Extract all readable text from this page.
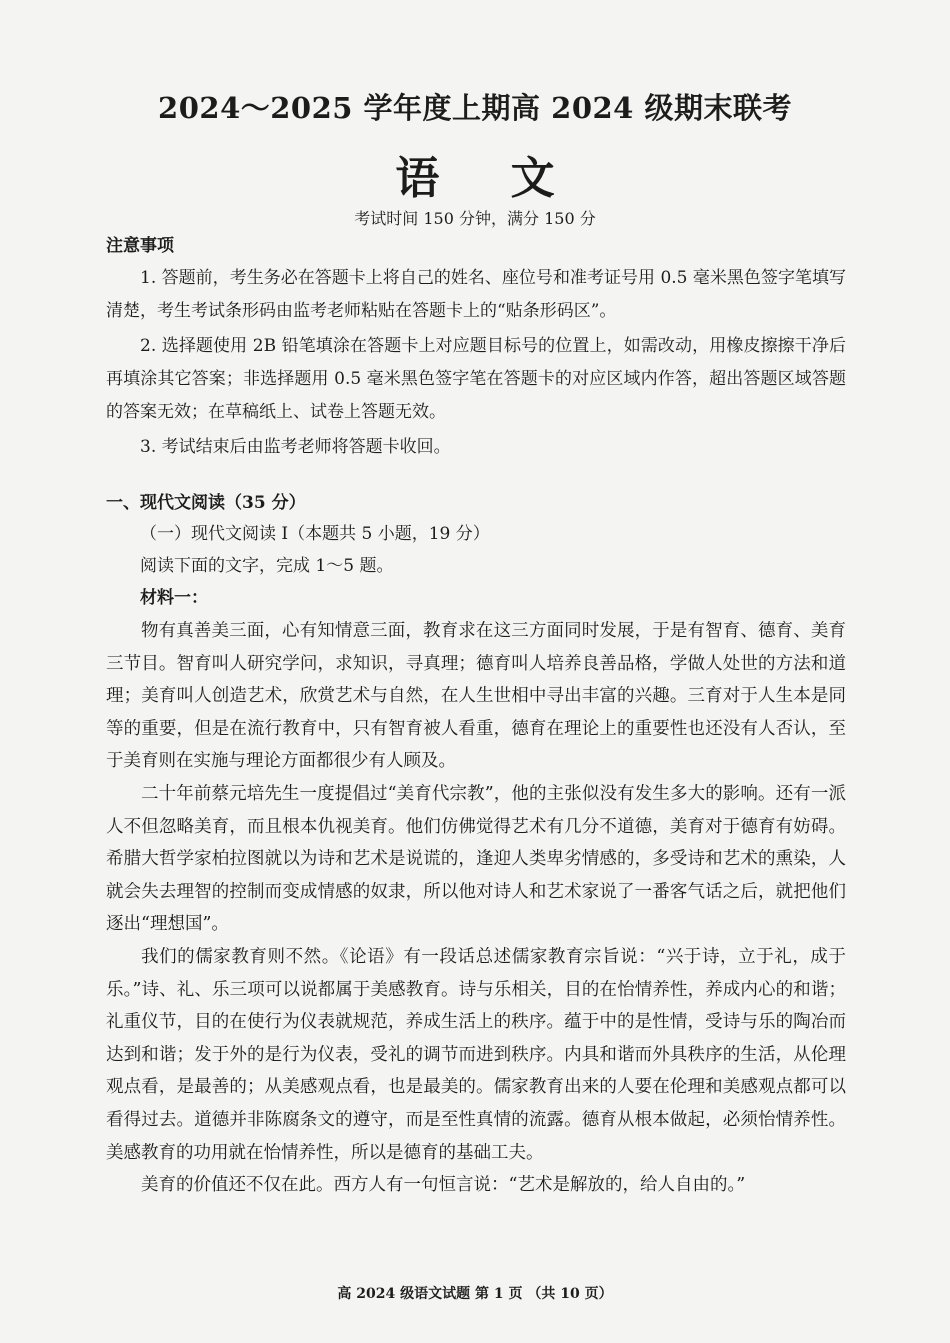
2024～2025 学年度上期高 2024 级期末联考
语 文
考试时间 150 分钟，满分 150 分
注意事项
1. 答题前，考生务必在答题卡上将自己的姓名、座位号和准考证号用 0.5 毫米黑色签字笔填写清楚，考生考试条形码由监考老师粘贴在答题卡上的“贴条形码区”。
2. 选择题使用 2B 铅笔填涂在答题卡上对应题目标号的位置上，如需改动，用橡皮擦擦干净后再填涂其它答案；非选择题用 0.5 毫米黑色签字笔在答题卡的对应区域内作答，超出答题区域答题的答案无效；在草稿纸上、试卷上答题无效。
3. 考试结束后由监考老师将答题卡收回。
一、现代文阅读（35 分）
（一）现代文阅读 I（本题共 5 小题，19 分）
阅读下面的文字，完成 1～5 题。
材料一：

物有真善美三面，心有知情意三面，教育求在这三方面同时发展，于是有智育、德育、美育三节目。智育叫人研究学问，求知识，寻真理；德育叫人培养良善品格，学做人处世的方法和道理；美育叫人创造艺术，欣赏艺术与自然，在人生世相中寻出丰富的兴趣。三育对于人生本是同等的重要，但是在流行教育中，只有智育被人看重，德育在理论上的重要性也还没有人否认，至于美育则在实施与理论方面都很少有人顾及。

二十年前蔡元培先生一度提倡过“美育代宗教”，他的主张似没有发生多大的影响。还有一派人不但忽略美育，而且根本仇视美育。他们仿佛觉得艺术有几分不道德，美育对于德育有妨碍。希腊大哲学家柏拉图就以为诗和艺术是说谎的，逢迎人类卑劣情感的，多受诗和艺术的熏染，人就会失去理智的控制而变成情感的奴隶，所以他对诗人和艺术家说了一番客气话之后，就把他们逐出“理想国”。

我们的儒家教育则不然。《论语》有一段话总述儒家教育宗旨说：“兴于诗，立于礼，成于乐。”诗、礼、乐三项可以说都属于美感教育。诗与乐相关，目的在怡情养性，养成内心的和谐；礼重仪节，目的在使行为仪表就规范，养成生活上的秩序。蕴于中的是性情，受诗与乐的陶冶而达到和谐；发于外的是行为仪表，受礼的调节而进到秩序。内具和谐而外具秩序的生活，从伦理观点看，是最善的；从美感观点看，也是最美的。儒家教育出来的人要在伦理和美感观点都可以看得过去。道德并非陈腐条文的遵守，而是至性真情的流露。德育从根本做起，必须怡情养性。美感教育的功用就在怡情养性，所以是德育的基础工夫。

美育的价值还不仅在此。西方人有一句恒言说：“艺术是解放的，给人自由的。”

高 2024 级语文试题 第 1 页 （共 10 页）
